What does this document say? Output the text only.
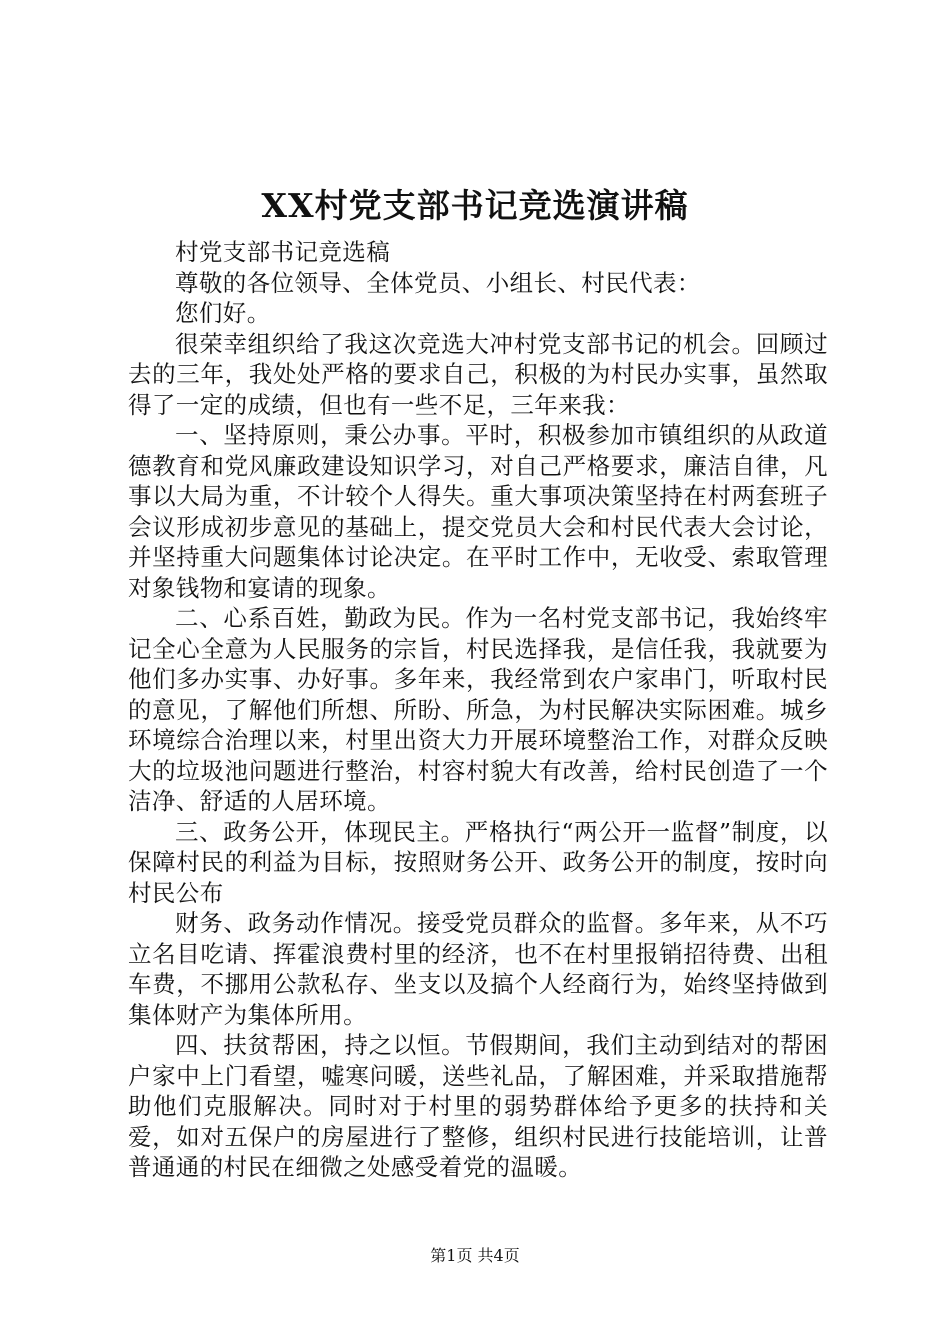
XX村党支部书记竞选演讲稿

村党支部书记竞选稿

尊敬的各位领导、全体党员、小组长、村民代表：

您们好。

很荣幸组织给了我这次竞选大冲村党支部书记的机会。回顾过去的三年，我处处严格的要求自己，积极的为村民办实事，虽然取得了一定的成绩，但也有一些不足，三年来我：

一、坚持原则，秉公办事。平时，积极参加市镇组织的从政道德教育和党风廉政建设知识学习，对自己严格要求，廉洁自律，凡事以大局为重，不计较个人得失。重大事项决策坚持在村两套班子会议形成初步意见的基础上，提交党员大会和村民代表大会讨论，并坚持重大问题集体讨论决定。在平时工作中，无收受、索取管理对象钱物和宴请的现象。

二、心系百姓，勤政为民。作为一名村党支部书记，我始终牢记全心全意为人民服务的宗旨，村民选择我，是信任我，我就要为他们多办实事、办好事。多年来，我经常到农户家串门，听取村民的意见，了解他们所想、所盼、所急，为村民解决实际困难。城乡环境综合治理以来，村里出资大力开展环境整治工作，对群众反映大的垃圾池问题进行整治，村容村貌大有改善，给村民创造了一个洁净、舒适的人居环境。

三、政务公开，体现民主。严格执行“两公开一监督”制度，以保障村民的利益为目标，按照财务公开、政务公开的制度，按时向村民公布

财务、政务动作情况。接受党员群众的监督。多年来，从不巧立名目吃请、挥霍浪费村里的经济，也不在村里报销招待费、出租车费，不挪用公款私存、坐支以及搞个人经商行为，始终坚持做到集体财产为集体所用。

四、扶贫帮困，持之以恒。节假期间，我们主动到结对的帮困户家中上门看望，嘘寒问暖，送些礼品，了解困难，并采取措施帮助他们克服解决。同时对于村里的弱势群体给予更多的扶持和关爱，如对五保户的房屋进行了整修，组织村民进行技能培训，让普普通通的村民在细微之处感受着党的温暖。

第1页 共4页
